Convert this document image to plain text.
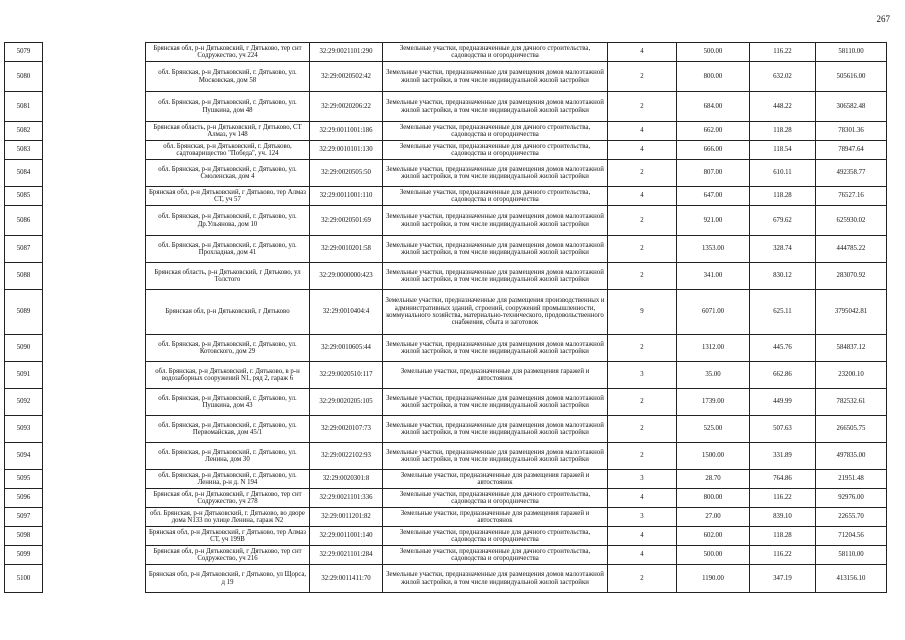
267
5079		Брянская обл, р-н Дятьковский, г Дятьково, тер снт Содружество, уч 224	32:29:0021101:290	Земельные участки, предназначенные для дачного строительства, садоводства и огородничества	4	500.00	116.22	58110.00
5080		обл. Брянская, р-н Дятьковский, г. Дятьково, ул. Московская, дом 58	32:29:0020502:42	Земельные участки, предназначенные для размещения домов малоэтажной жилой застройки, в том числе индивидуальной жилой застройки	2	800.00	632.02	505616.00
5081		обл. Брянская, р-н Дятьковский, г. Дятьково, ул. Пушкина, дом 48	32:29:0020206:22	Земельные участки, предназначенные для размещения домов малоэтажной жилой застройки, в том числе индивидуальной жилой застройки	2	684.00	448.22	306582.48
5082		Брянская область, р-н Дятьковский, г Дятьково, СТ Алмаз, уч 148	32:29:0011001:186	Земельные участки, предназначенные для дачного строительства, садоводства и огородничества	4	662.00	118.28	78301.36
5083		обл. Брянская, р-н Дятьковский, г. Дятьково, садтоварищество "Победа", уч. 124	32:29:0010101:130	Земельные участки, предназначенные для дачного строительства, садоводства и огородничества	4	666.00	118.54	78947.64
5084		обл. Брянская, р-н Дятьковский, г. Дятьково, ул. Смоленская, дом 4	32:29:0020505:50	Земельные участки, предназначенные для размещения домов малоэтажной жилой застройки, в том числе индивидуальной жилой застройки	2	807.00	610.11	492358.77
5085		Брянская обл, р-н Дятьковский, г Дятьково, тер Алмаз СТ, уч 57	32:29:0011001:110	Земельные участки, предназначенные для дачного строительства, садоводства и огородничества	4	647.00	118.28	76527.16
5086		обл. Брянская, р-н Дятьковский, г. Дятьково, ул. Др.Ульянова, дом 10	32:29:0020501:69	Земельные участки, предназначенные для размещения домов малоэтажной жилой застройки, в том числе индивидуальной жилой застройки	2	921.00	679.62	625930.02
5087		обл. Брянская, р-н Дятьковский, г. Дятьково, ул. Прохладная, дом 41	32:29:0010201:58	Земельные участки, предназначенные для размещения домов малоэтажной жилой застройки, в том числе индивидуальной жилой застройки	2	1353.00	328.74	444785.22
5088		Брянская область, р-н Дятьковский, г Дятьково, ул Толстого	32:29:0000000:423	Земельные участки, предназначенные для размещения домов малоэтажной жилой застройки, в том числе индивидуальной жилой застройки	2	341.00	830.12	283070.92
5089		Брянская обл, р-н Дятьковский, г Дятьково	32:29:0010404:4	Земельные участки, предназначенные для размещения производственных и административных зданий, строений, сооружений промышленности, коммунального хозяйства, материально-технического, продовольственного снабжения, сбыта и заготовок	9	6071.00	625.11	3795042.81
5090		обл. Брянская, р-н Дятьковский, г. Дятьково, ул. Котовского, дом 29	32:29:0010605:44	Земельные участки, предназначенные для размещения домов малоэтажной жилой застройки, в том числе индивидуальной жилой застройки	2	1312.00	445.76	584837.12
5091		обл. Брянская, р-н Дятьковский, г. Дятьково, в р-н водозаборных сооружений N1, ряд 2, гараж 6	32:29:0020510:117	Земельные участки, предназначенные для размещения гаражей и автостоянок	3	35.00	662.86	23200.10
5092		обл. Брянская, р-н Дятьковский, г. Дятьково, ул. Пушкина, дом 43	32:29:0020205:105	Земельные участки, предназначенные для размещения домов малоэтажной жилой застройки, в том числе индивидуальной жилой застройки	2	1739.00	449.99	782532.61
5093		обл. Брянская, р-н Дятьковский, г. Дятьково, ул. Первомайская, дом 45/1	32:29:0020107:73	Земельные участки, предназначенные для размещения домов малоэтажной жилой застройки, в том числе индивидуальной жилой застройки	2	525.00	507.63	266505.75
5094		обл. Брянская, р-н Дятьковский, г. Дятьково, ул. Ленина, дом 30	32:29:0022102:93	Земельные участки, предназначенные для размещения домов малоэтажной жилой застройки, в том числе индивидуальной жилой застройки	2	1500.00	331.89	497835.00
5095		обл. Брянская, р-н Дятьковский, г. Дятьково, ул. Ленина, р-н д. N 194	32:29:0020301:8	Земельные участки, предназначенные для размещения гаражей и автостоянок	3	28.70	764.86	21951.48
5096		Брянская обл, р-н Дятьковский, г Дятьково, тер снт Содружество, уч 278	32:29:0021101:336	Земельные участки, предназначенные для дачного строительства, садоводства и огородничества	4	800.00	116.22	92976.00
5097		обл. Брянская, р-н Дятьковский, г. Дятьково, во дворе дома N133 по улице Ленина, гараж N2	32:29:0011201:82	Земельные участки, предназначенные для размещения гаражей и автостоянок	3	27.00	839.10	22655.70
5098		Брянская обл, р-н Дятьковский, г Дятьково, тер Алмаз СТ, уч 199В	32:29:0011001:140	Земельные участки, предназначенные для дачного строительства, садоводства и огородничества	4	602.00	118.28	71204.56
5099		Брянская обл, р-н Дятьковский, г Дятьково, тер снт Содружество, уч 216	32:29:0021101:284	Земельные участки, предназначенные для дачного строительства, садоводства и огородничества	4	500.00	116.22	58110.00
5100		Брянская обл, р-н Дятьковский, г Дятьково, ул Щорса, д 19	32:29:0011411:70	Земельные участки, предназначенные для размещения домов малоэтажной жилой застройки, в том числе индивидуальной жилой застройки	2	1190.00	347.19	413156.10
